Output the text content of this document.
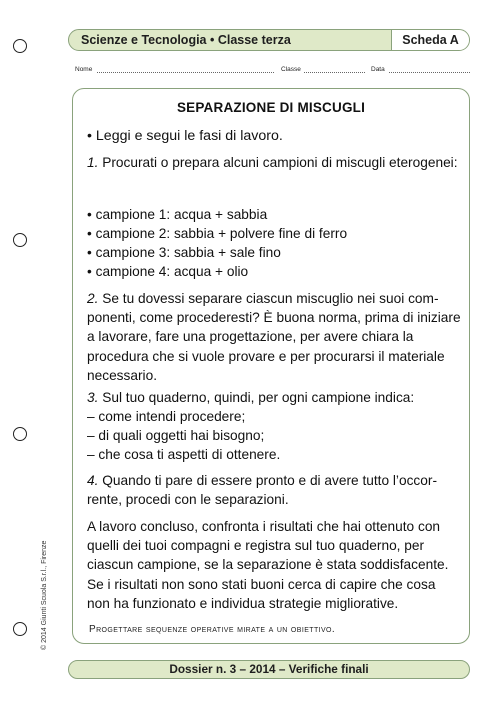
Scienze e Tecnologia • Classe terza	Scheda A
Nome	Classe	Data
SEPARAZIONE DI MISCUGLI
• Leggi e segui le fasi di lavoro.
1. Procurati o prepara alcuni campioni di miscugli eterogenei:
• campione 1: acqua + sabbia
• campione 2: sabbia + polvere fine di ferro
• campione 3: sabbia + sale fino
• campione 4: acqua + olio
2. Se tu dovessi separare ciascun miscuglio nei suoi componenti, come procederesti? È buona norma, prima di iniziare a lavorare, fare una progettazione, per avere chiara la procedura che si vuole provare e per procurarsi il materiale necessario.
3. Sul tuo quaderno, quindi, per ogni campione indica:
– come intendi procedere;
– di quali oggetti hai bisogno;
– che cosa ti aspetti di ottenere.
4. Quando ti pare di essere pronto e di avere tutto l’occorrente, procedi con le separazioni.
A lavoro concluso, confronta i risultati che hai ottenuto con quelli dei tuoi compagni e registra sul tuo quaderno, per ciascun campione, se la separazione è stata soddisfacente. Se i risultati non sono stati buoni cerca di capire che cosa non ha funzionato e individua strategie migliorative.
Progettare sequenze operative mirate a un obiettivo.
Dossier n. 3 – 2014 – Verifiche finali
© 2014 Giunti Scuola S.r.l., Firenze
